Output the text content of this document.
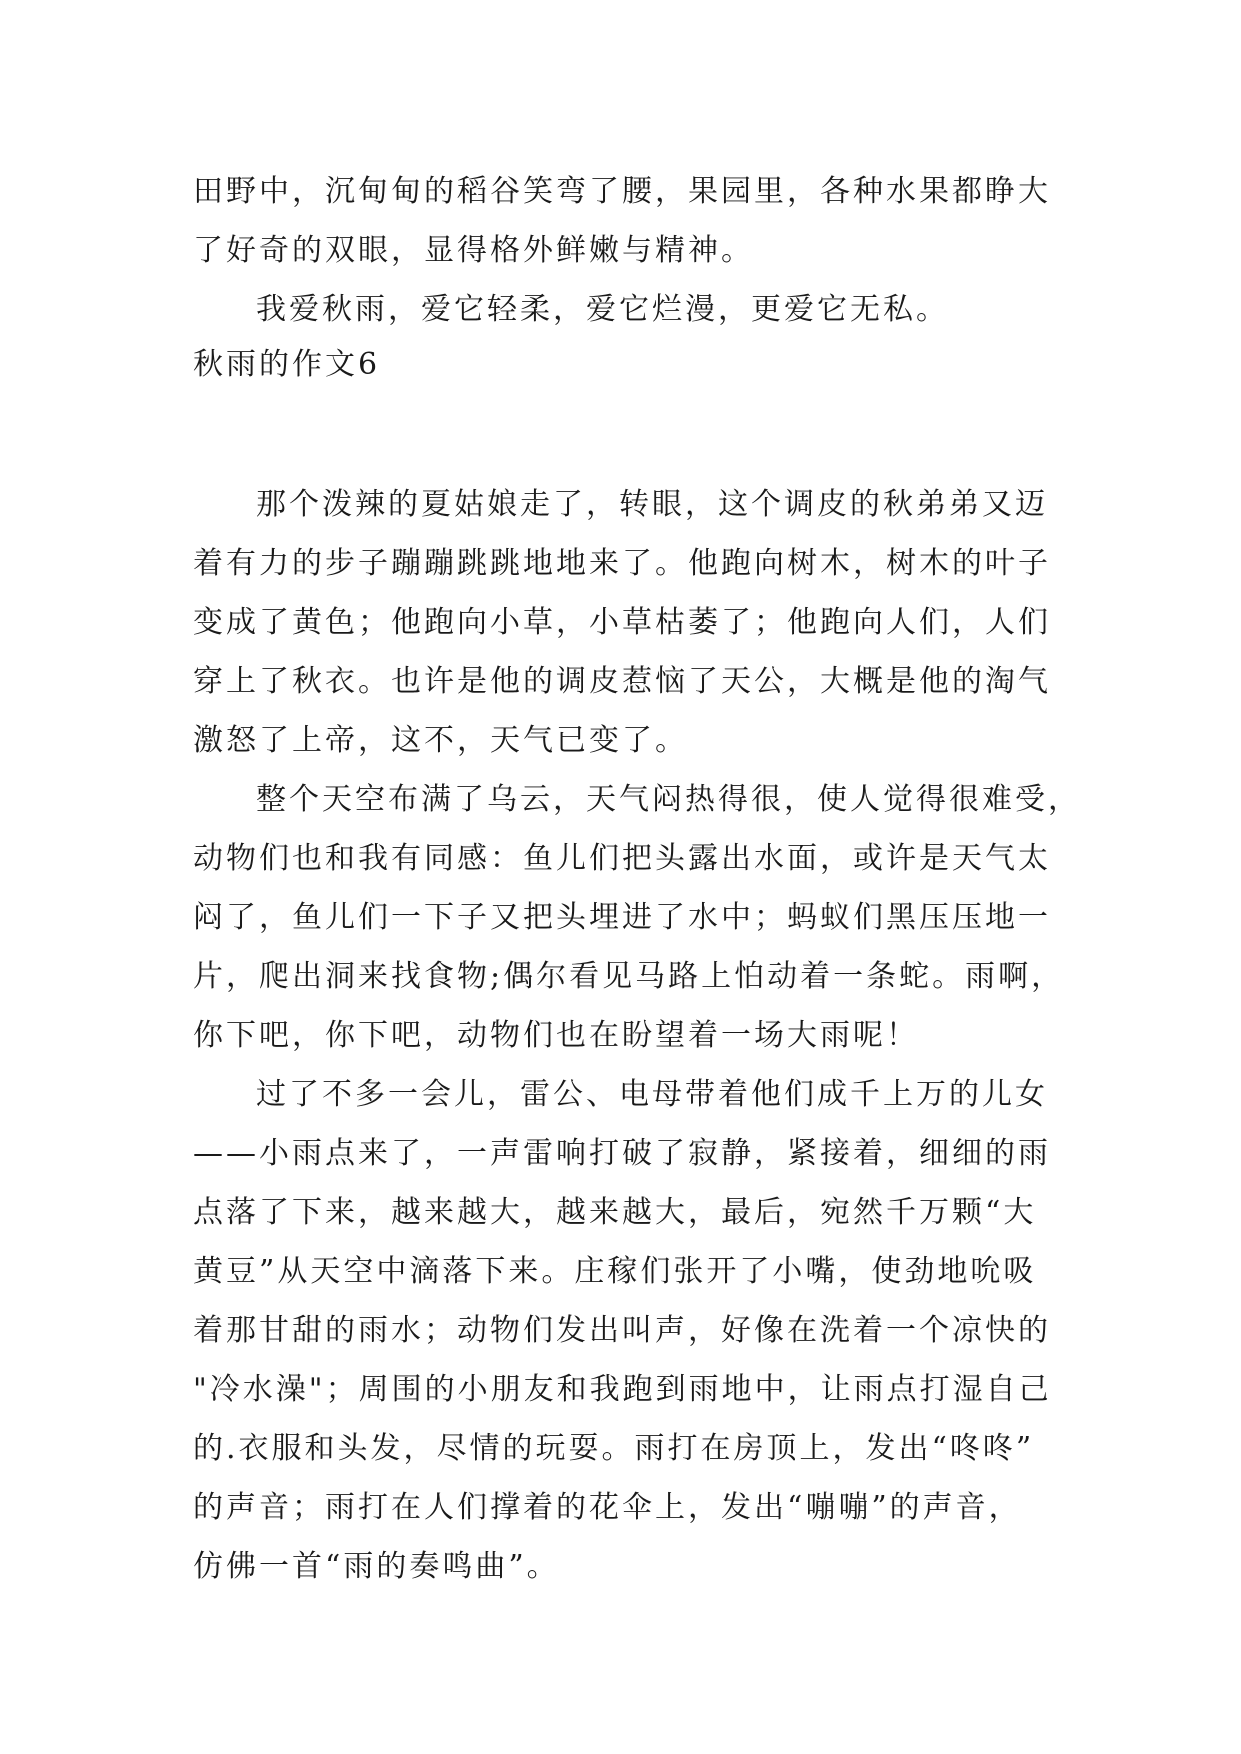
田野中，沉甸甸的稻谷笑弯了腰，果园里，各种水果都睁大

了好奇的双眼，显得格外鲜嫩与精神。

我爱秋雨，爱它轻柔，爱它烂漫，更爱它无私。

秋雨的作文6

那个泼辣的夏姑娘走了，转眼，这个调皮的秋弟弟又迈

着有力的步子蹦蹦跳跳地地来了。他跑向树木，树木的叶子

变成了黄色；他跑向小草，小草枯萎了；他跑向人们，人们

穿上了秋衣。也许是他的调皮惹恼了天公，大概是他的淘气

激怒了上帝，这不，天气已变了。

整个天空布满了乌云，天气闷热得很，使人觉得很难受，

动物们也和我有同感：鱼儿们把头露出水面，或许是天气太

闷了，鱼儿们一下子又把头埋进了水中；蚂蚁们黑压压地一

片，爬出洞来找食物;偶尔看见马路上怕动着一条蛇。雨啊，

你下吧，你下吧，动物们也在盼望着一场大雨呢！

过了不多一会儿，雷公、电母带着他们成千上万的儿女

——小雨点来了，一声雷响打破了寂静，紧接着，细细的雨

点落了下来，越来越大，越来越大，最后，宛然千万颗“大

黄豆”从天空中滴落下来。庄稼们张开了小嘴，使劲地吮吸

着那甘甜的雨水；动物们发出叫声，好像在洗着一个凉快的

"冷水澡"；周围的小朋友和我跑到雨地中，让雨点打湿自己

的.衣服和头发，尽情的玩耍。雨打在房顶上，发出“咚咚”

的声音；雨打在人们撑着的花伞上，发出“嘣嘣”的声音，

仿佛一首“雨的奏鸣曲”。
